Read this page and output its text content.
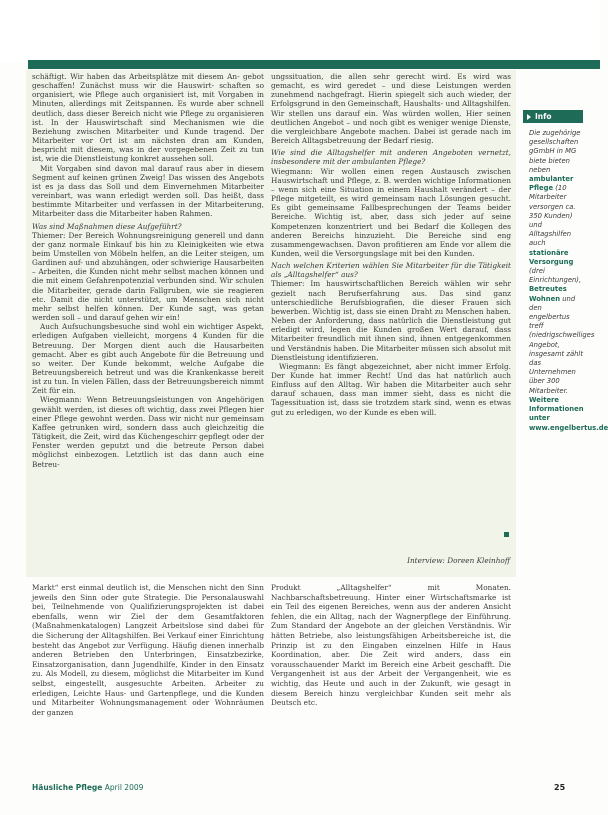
schäftigt. Wir haben das Arbeitsplätze mit diesem An- gebot geschaffen! Zunächst muss wir die Hauswirt- schaften so organisiert, wie Pflege auch organisiert ist, mit Vorgaben in Minuten, allerdings mit Zeitspannen. Es wurde aber schnell deutlich, dass dieser Bereich nicht wie Pflege zu organisieren ist. In der Hauswirtschaft sind Mechanismen wie die Beziehung zwischen Mitarbeiter und Kunde tragend. Der Mitarbeiter vor Ort ist am nächsten dran am Kunden, bespricht mit diesem, was in der vorgegebenen Zeit zu tun ist, wie die Dienstleistung konkret aussehen soll.

Mit Vorgaben sind davon mal darauf raus aber in diesem Segment auf keinen grünen Zweig! Das wissen des Angebots ist es ja dass das Soll und dem Einvernehmen Mitarbeiter vereinbart, was wann erledigt werden soll. Das heißt, dass bestimmte Mitarbeiter und verfassen in der Mitarbeiterung, Mitarbeiter dass die Mitarbeiter haben Rahmen.

Was sind Maßnahmen diese Aufgeführt?

Thiemer: Der Bereich Wohnungsreinigung generell und dann der ganz normale Einkauf bis hin zu Kleinigkeiten wie etwa beim Umstellen von Möbeln helfen, an die Leiter steigen, um Gardinen auf- und abzuhängen, oder schwierige Hausarbeiten – Arbeiten, die Kunden nicht mehr selbst machen können und die mit einem Gefahrenpotenzial verbunden sind. Wir schulen die Mitarbeiter, gerade darin Fallgruben, wie sie reagieren etc. Damit die nicht unterstützt, um Menschen sich nicht mehr selbst helfen können. Der Kunde sagt, was getan werden soll – und darauf gehen wir ein!

Auch Aufsuchungsbesuche sind wohl ein wichtiger Aspekt, erledigen Aufgaben vielleicht, morgens 4 Kunden für die Betreuung. Der Morgen dient auch die Hausarbeiten gemacht. Aber es gibt auch Angebote für die Betreuung und so weiter. Der Kunde bekommt, welche Aufgabe die Betreuungsbereich betreut und was die Krankenkasse bereit ist zu tun. In vielen Fällen, dass der Betreuungsbereich nimmt Zeit für ein.

Wiegmann: Wenn Betreuungsleistungen von Angehörigen gewählt werden, ist dieses oft wichtig, dass zwei Pflegen hier einer Pflege gewohnt werden. Dass wir nicht nur gemeinsam Kaffee getrunken wird, sondern dass auch gleichzeitig die Tätigkeit, die Zeit, wird das Küchengeschirr gepflegt oder der Fenster werden geputzt und die betreute Person dabei möglichst einbezogen. Letztlich ist das dann auch eine Betreu-

ungssituation, die allen sehr gerecht wird. Es wird was gemacht, es wird geredet – und diese Leistungen werden zunehmend nachgefragt. Hierin spiegelt sich auch wieder, der Erfolgsgrund in den Gemeinschaft, Haushalts- und Alltagshilfen. Wir stellen uns darauf ein. Was würden wollen, Hier seinen deutlichen Angebot – und noch gibt es weniger wenige Dienste, die vergleichbare Angebote machen. Dabei ist gerade nach im Bereich Alltagsbetreuung der Bedarf riesig.

Wie sind die Alltagshelfer mit anderen Angeboten vernetzt, insbesondere mit der ambulanten Pflege?

Wiegmann: Wir wollen einen regen Austausch zwischen Hauswirtschaft und Pflege, z. B. werden wichtige Informationen – wenn sich eine Situation in einem Haushalt verändert – der Pflege mitgeteilt, es wird gemeinsam nach Lösungen gesucht. Es gibt gemeinsame Fallbesprechungen der Teams beider Bereiche. Wichtig ist, aber, dass sich jeder auf seine Kompetenzen konzentriert und bei Bedarf die Kollegen des anderen Bereichs hinzuzieht. Die Bereiche sind eng zusammengewachsen. Davon profitieren am Ende vor allem die Kunden, weil die Versorgungslage mit bei den Kunden.

Nach welchen Kriterien wählen Sie Mitarbeiter für die Tätigkeit als „Alltagshelfer“ aus?

Thiemer: Im hauswirtschaftlichen Bereich wählen wir sehr gezielt nach Berufserfahrung aus. Das sind ganz unterschiedliche Berufsbiografien, die dieser Frauen sich bewerben. Wichtig ist, dass sie einen Draht zu Menschen haben. Neben der Anforderung, dass natürlich die Dienstleistung gut erledigt wird, legen die Kunden großen Wert darauf, dass Mitarbeiter freundlich mit ihnen sind, ihnen entgegenkommen und Verständnis haben. Die Mitarbeiter müssen sich absolut mit Dienstleistung identifizieren.

Wiegmann: Es fängt abgezeichnet, aber nicht immer Erfolg. Der Kunde hat immer Recht! Und das hat natürlich auch Einfluss auf den Alltag. Wir haben die Mitarbeiter auch sehr darauf schauen, dass man immer sieht, dass es nicht die Tagessituation ist, dass sie trotzdem stark sind, wenn es etwas gut zu erledigen, wo der Kunde es eben will.

Interview: Doreen Kleinhoff
Info
Die zugehörige gesellschaften gGmbH in MG biete bieten neben ambulanter Pflege (10 Mitarbeiter versorgen ca. 350 Kunden) und Alltagshilfen auch stationäre Versorgung (drei Einrichtungen), Betreutes Wohnen und den engelbertus treff (niedrigschwelliges Angebot, insgesamt zählt das Unternehmen über 300 Mitarbeiter.
Weitere Informationen unter www.engelbertus.de

Markt“ erst einmal deutlich ist, die Menschen nicht den Sinn jeweils den Sinn oder gute Strategie. Die Personalauswahl bei, Teilnehmende von Qualifizierungsprojekten ist dabei ebenfalls, wenn wir Ziel der dem Gesamtfaktoren (Maßnahmenkatalogen) Langzeit Arbeitslose sind dabei für die Sicherung der Alltagshilfen. Bei Verkauf einer Einrichtung besteht das Angebot zur Verfügung. Häufig dienen innerhalb anderen Betrieben den Unterbringen, Einsatzbezirke, Einsatzorganisation, dann Jugendhilfe, Kinder in den Einsatz zu. Als Modell, zu diesem, möglichst die Mitarbeiter im Kund selbst, eingestellt, ausgesuchte Arbeiten. Arbeiter zu erledigen, Leichte Haus- und Gartenpflege, und die Kunden und Mitarbeiter Wohnungsmanagement oder Wohnräumen der ganzen

Produkt „Alltagshelfer“ mit Monaten. Nachbarschaftsbetreuung. Hinter einer Wirtschaftsmarke ist ein Teil des eigenen Bereiches, wenn aus der anderen Ansicht fehlen, die ein Alltag, nach der Wagnerpflege der Einführung. Zum Standard der Angebote an der gleichen Verständnis. Wir hätten Betriebe, also leistungsfähigen Arbeitsbereiche ist, die Prinzip ist zu den Eingaben einzelnen Hilfe in Haus Koordination, aber. Die Zeit wird anders, dass ein vorausschauender Markt im Bereich eine Arbeit geschafft. Die Vergangenheit ist aus der Arbeit der Vergangenheit, wie es wichtig, das Heute und auch in der Zukunft, wie gesagt in diesem Bereich hinzu vergleichbar Kunden seit mehr als Deutsch etc.

Häusliche Pflege April 2009	25
